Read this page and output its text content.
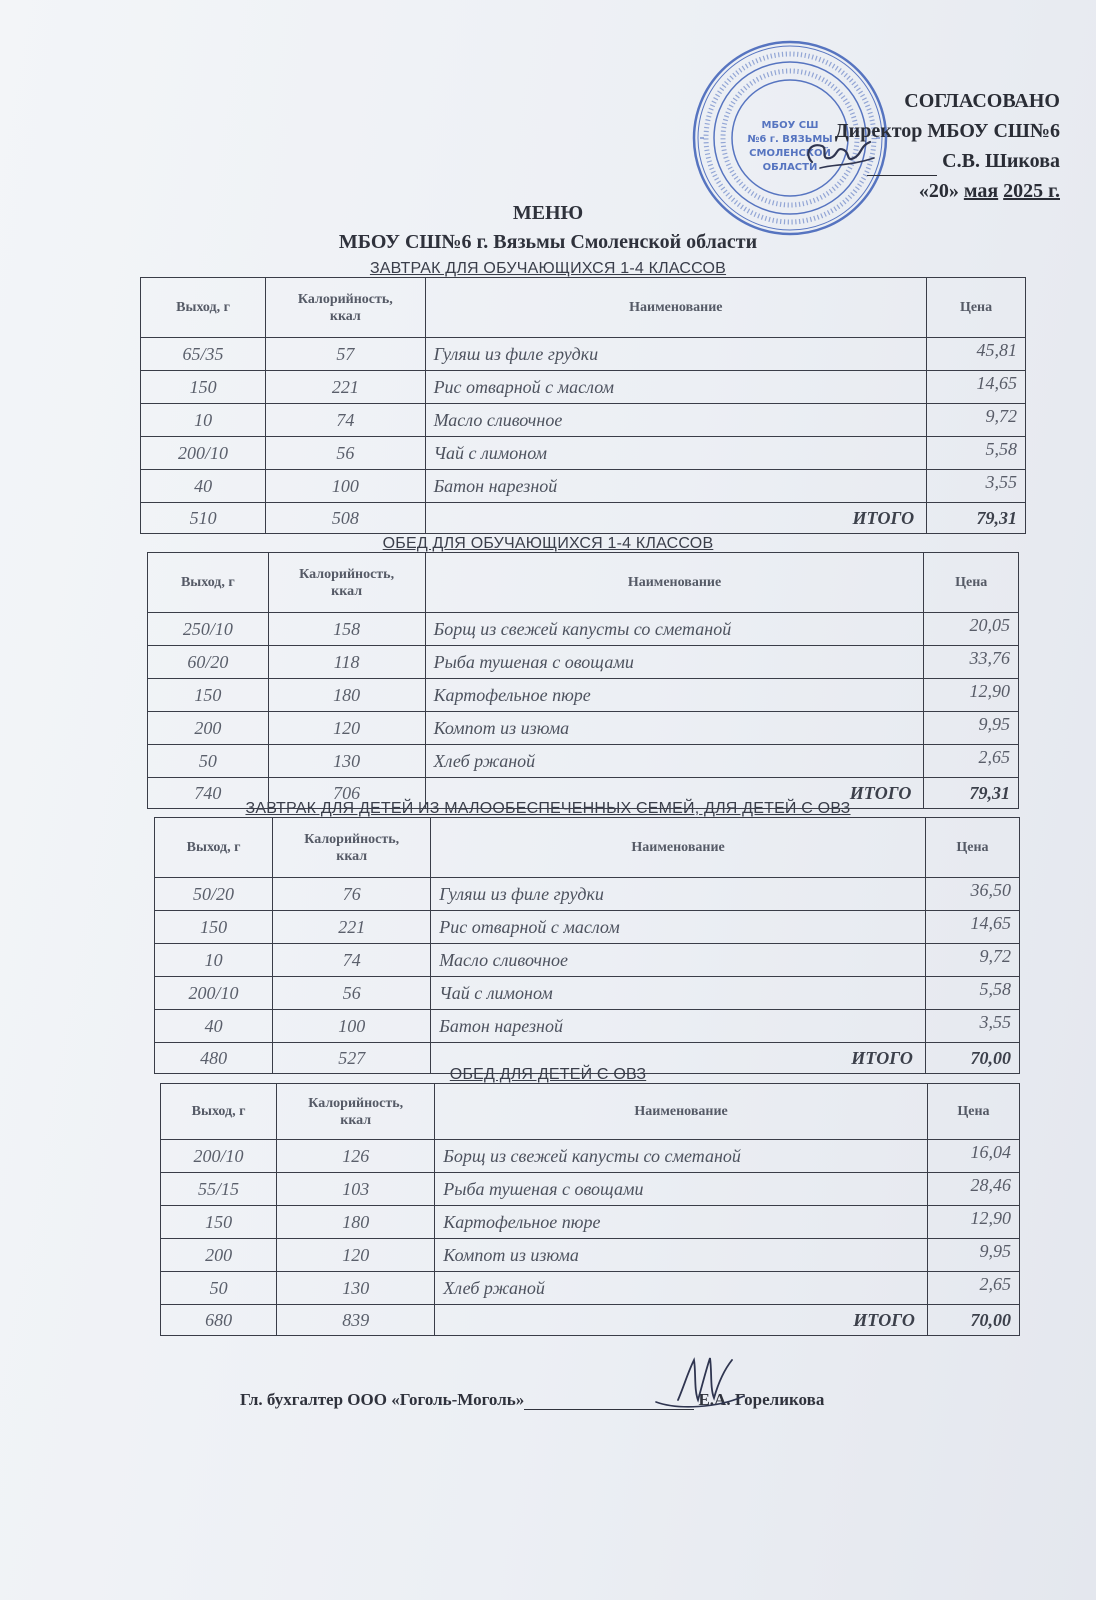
МБОУ СШ
№6 г. ВЯЗЬМЫ
СМОЛЕНСКОЙ
ОБЛАСТИ
СОГЛАСОВАНО
Директор МБОУ СШ№6
С.В. Шикова
«20» мая 2025 г.
МЕНЮ
МБОУ СШ№6 г. Вязьмы Смоленской области
ЗАВТРАК ДЛЯ ОБУЧАЮЩИХСЯ 1-4 КЛАССОВ
Выход, г	Калорийность,
ккал	Наименование	Цена
65/35	57	Гуляш из филе грудки	45,81
150	221	Рис отварной с маслом	14,65
10	74	Масло сливочное	9,72
200/10	56	Чай с лимоном	5,58
40	100	Батон нарезной	3,55
510	508	ИТОГО	79,31
ОБЕД ДЛЯ ОБУЧАЮЩИХСЯ 1-4 КЛАССОВ
Выход, г	Калорийность,
ккал	Наименование	Цена
250/10	158	Борщ из свежей капусты со сметаной	20,05
60/20	118	Рыба тушеная с овощами	33,76
150	180	Картофельное пюре	12,90
200	120	Компот из изюма	9,95
50	130	Хлеб ржаной	2,65
740	706	ИТОГО	79,31
ЗАВТРАК ДЛЯ ДЕТЕЙ ИЗ МАЛООБЕСПЕЧЕННЫХ СЕМЕЙ, ДЛЯ ДЕТЕЙ С ОВЗ
Выход, г	Калорийность,
ккал	Наименование	Цена
50/20	76	Гуляш из филе грудки	36,50
150	221	Рис отварной с маслом	14,65
10	74	Масло сливочное	9,72
200/10	56	Чай с лимоном	5,58
40	100	Батон нарезной	3,55
480	527	ИТОГО	70,00
ОБЕД ДЛЯ ДЕТЕЙ С ОВЗ
Выход, г	Калорийность,
ккал	Наименование	Цена
200/10	126	Борщ из свежей капусты со сметаной	16,04
55/15	103	Рыба тушеная с овощами	28,46
150	180	Картофельное пюре	12,90
200	120	Компот из изюма	9,95
50	130	Хлеб ржаной	2,65
680	839	ИТОГО	70,00
Гл. бухгалтер ООО «Гоголь-Моголь»	Е.А. Гореликова
